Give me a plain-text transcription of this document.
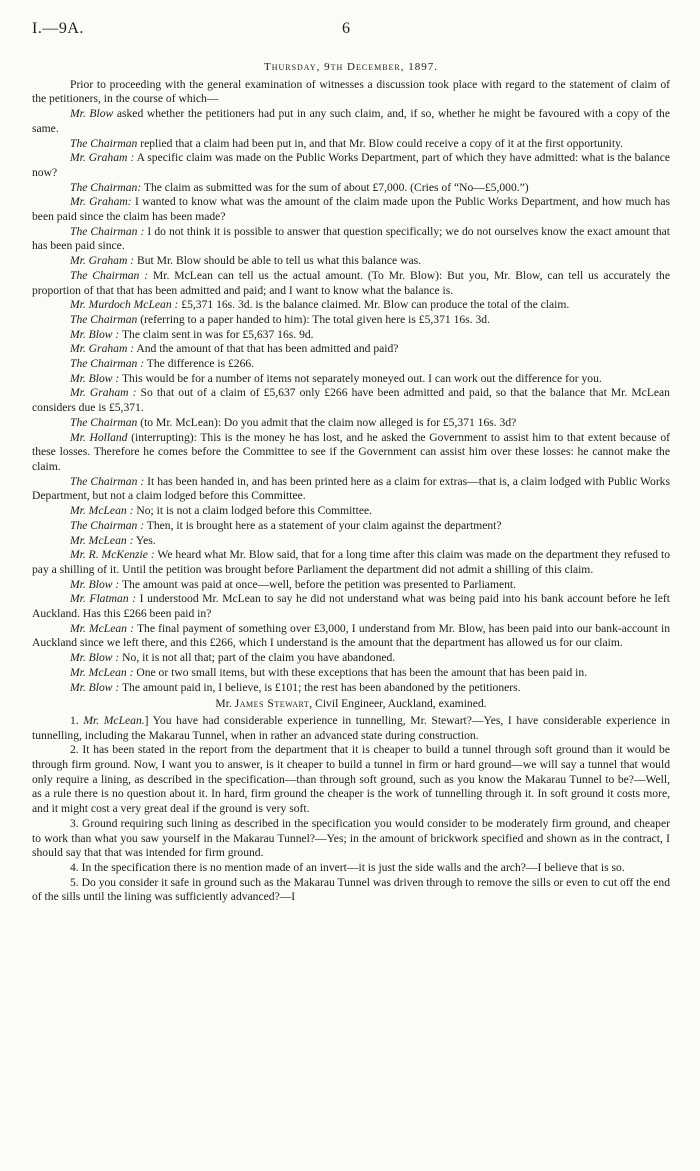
I.—9A.	6

Thursday, 9th December, 1897.

Prior to proceeding with the general examination of witnesses a discussion took place with regard to the statement of claim of the petitioners, in the course of which—

Mr. Blow asked whether the petitioners had put in any such claim, and, if so, whether he might be favoured with a copy of the same.

The Chairman replied that a claim had been put in, and that Mr. Blow could receive a copy of it at the first opportunity.

Mr. Graham : A specific claim was made on the Public Works Department, part of which they have admitted: what is the balance now?

The Chairman: The claim as submitted was for the sum of about £7,000. (Cries of “No—£5,000.”)

Mr. Graham: I wanted to know what was the amount of the claim made upon the Public Works Department, and how much has been paid since the claim has been made?

The Chairman : I do not think it is possible to answer that question specifically; we do not ourselves know the exact amount that has been paid since.

Mr. Graham : But Mr. Blow should be able to tell us what this balance was.

The Chairman : Mr. McLean can tell us the actual amount. (To Mr. Blow): But you, Mr. Blow, can tell us accurately the proportion of that that has been admitted and paid; and I want to know what the balance is.

Mr. Murdoch McLean : £5,371 16s. 3d. is the balance claimed. Mr. Blow can produce the total of the claim.

The Chairman (referring to a paper handed to him): The total given here is £5,371 16s. 3d.

Mr. Blow : The claim sent in was for £5,637 16s. 9d.

Mr. Graham : And the amount of that that has been admitted and paid?

The Chairman : The difference is £266.

Mr. Blow : This would be for a number of items not separately moneyed out. I can work out the difference for you.

Mr. Graham : So that out of a claim of £5,637 only £266 have been admitted and paid, so that the balance that Mr. McLean considers due is £5,371.

The Chairman (to Mr. McLean): Do you admit that the claim now alleged is for £5,371 16s. 3d?

Mr. Holland (interrupting): This is the money he has lost, and he asked the Government to assist him to that extent because of these losses. Therefore he comes before the Committee to see if the Government can assist him over these losses: he cannot make the claim.

The Chairman : It has been handed in, and has been printed here as a claim for extras—that is, a claim lodged with Public Works Department, but not a claim lodged before this Committee.

Mr. McLean : No; it is not a claim lodged before this Committee.

The Chairman : Then, it is brought here as a statement of your claim against the department?

Mr. McLean : Yes.

Mr. R. McKenzie : We heard what Mr. Blow said, that for a long time after this claim was made on the department they refused to pay a shilling of it. Until the petition was brought before Parliament the department did not admit a shilling of this claim.

Mr. Blow : The amount was paid at once—well, before the petition was presented to Parliament.

Mr. Flatman : I understood Mr. McLean to say he did not understand what was being paid into his bank account before he left Auckland. Has this £266 been paid in?

Mr. McLean : The final payment of something over £3,000, I understand from Mr. Blow, has been paid into our bank-account in Auckland since we left there, and this £266, which I understand is the amount that the department has allowed us for our claim.

Mr. Blow : No, it is not all that; part of the claim you have abandoned.

Mr. McLean : One or two small items, but with these exceptions that has been the amount that has been paid in.

Mr. Blow : The amount paid in, I believe, is £101; the rest has been abandoned by the petitioners.

Mr. James Stewart, Civil Engineer, Auckland, examined.

1. Mr. McLean.] You have had considerable experience in tunnelling, Mr. Stewart?—Yes, I have considerable experience in tunnelling, including the Makarau Tunnel, when in rather an advanced state during construction.

2. It has been stated in the report from the department that it is cheaper to build a tunnel through soft ground than it would be through firm ground. Now, I want you to answer, is it cheaper to build a tunnel in firm or hard ground—we will say a tunnel that would only require a lining, as described in the specification—than through soft ground, such as you know the Makarau Tunnel to be?—Well, as a rule there is no question about it. In hard, firm ground the cheaper is the work of tunnelling through it. In soft ground it costs more, and it might cost a very great deal if the ground is very soft.

3. Ground requiring such lining as described in the specification you would consider to be moderately firm ground, and cheaper to work than what you saw yourself in the Makarau Tunnel?—Yes; in the amount of brickwork specified and shown as in the contract, I should say that that was intended for firm ground.

4. In the specification there is no mention made of an invert—it is just the side walls and the arch?—I believe that is so.

5. Do you consider it safe in ground such as the Makarau Tunnel was driven through to remove the sills or even to cut off the end of the sills until the lining was sufficiently advanced?—I
